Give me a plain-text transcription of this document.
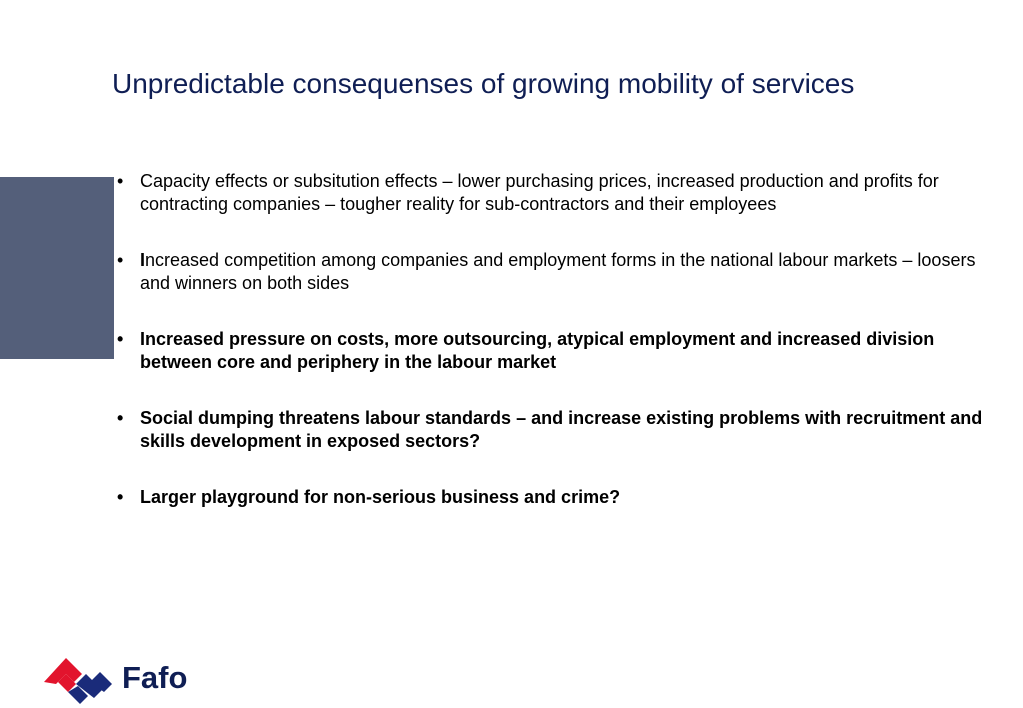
Unpredictable consequenses of growing mobility of services
• Capacity effects or subsitution effects – lower purchasing prices, increased production and profits for contracting companies – tougher reality for sub-contractors and their employees
• Increased competition among companies and employment forms in the national labour markets – loosers and winners on both sides
• Increased pressure on costs, more outsourcing, atypical employment and increased division between core and periphery in the labour market
• Social dumping threatens labour standards – and increase existing problems with recruitment and skills development in exposed sectors?
• Larger playground for non-serious business and crime?
Fafo
